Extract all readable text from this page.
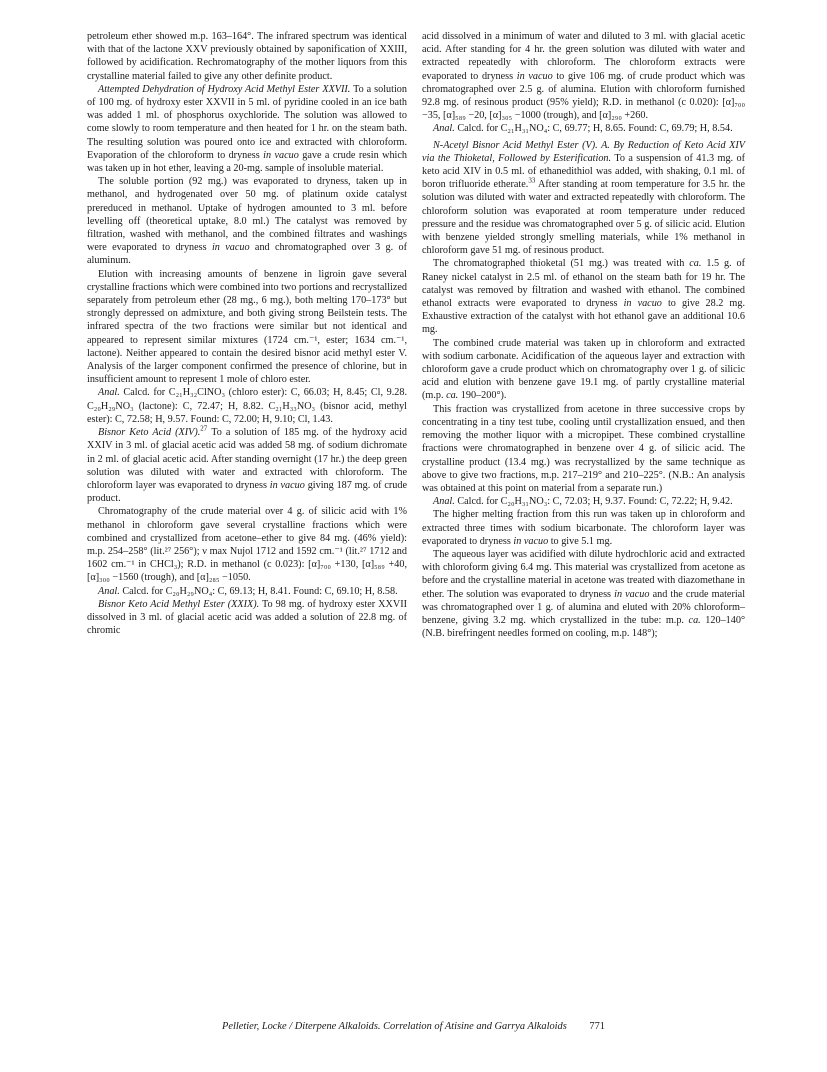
petroleum ether showed m.p. 163–164°. The infrared spectrum was identical with that of the lactone XXV previously obtained by saponification of XXIII, followed by acidification. Rechromatography of the mother liquors from this crystalline material failed to give any other definite product.

Attempted Dehydration of Hydroxy Acid Methyl Ester XXVII. To a solution of 100 mg. of hydroxy ester XXVII in 5 ml. of pyridine cooled in an ice bath was added 1 ml. of phosphorus oxychloride. The solution was allowed to come slowly to room temperature and then heated for 1 hr. on the steam bath. The resulting solution was poured onto ice and extracted with chloroform. Evaporation of the chloroform to dryness in vacuo gave a crude resin which was taken up in hot ether, leaving a 20-mg. sample of insoluble material.

The soluble portion (92 mg.) was evaporated to dryness, taken up in methanol, and hydrogenated over 50 mg. of platinum oxide catalyst prereduced in methanol. Uptake of hydrogen amounted to 3 ml. before levelling off (theoretical uptake, 8.0 ml.) The catalyst was removed by filtration, washed with methanol, and the combined filtrates and washings were evaporated to dryness in vacuo and chromatographed over 3 g. of aluminum.

Elution with increasing amounts of benzene in ligroin gave several crystalline fractions which were combined into two portions and recrystallized separately from petroleum ether (28 mg., 6 mg.), both melting 170–173° but strongly depressed on admixture, and both giving strong Beilstein tests. The infrared spectra of the two fractions were similar but not identical and appeared to represent similar mixtures (1724 cm.⁻¹, ester; 1634 cm.⁻¹, lactone). Neither appeared to contain the desired bisnor acid methyl ester V. Analysis of the larger component confirmed the presence of chlorine, but in insufficient amount to represent 1 mole of chloro ester.

Anal. Calcd. for C₂₁H₃₂ClNO₃ (chloro ester): C, 66.03; H, 8.45; Cl, 9.28. C₂₀H₂₉NO₃ (lactone): C, 72.47; H, 8.82. C₂₁H₃₃NO₃ (bisnor acid, methyl ester): C, 72.58; H, 9.57. Found: C, 72.00; H, 9.10; Cl, 1.43.

Bisnor Keto Acid (XIV).$^{27}$ To a solution of 185 mg. of the hydroxy acid XXIV in 3 ml. of glacial acetic acid was added 58 mg. of sodium dichromate in 2 ml. of glacial acetic acid. After standing overnight (17 hr.) the deep green solution was diluted with water and extracted with chloroform. The chloroform layer was evaporated to dryness in vacuo giving 187 mg. of crude product.

Chromatography of the crude material over 4 g. of silicic acid with 1% methanol in chloroform gave several crystalline fractions which were combined and crystallized from acetone–ether to give 84 mg. (46% yield): m.p. 254–258° (lit.²⁷ 256°); ν max Nujol 1712 and 1592 cm.⁻¹ (lit.²⁷ 1712 and 1602 cm.⁻¹ in CHCl₃); R.D. in methanol (c 0.023): [α]₇₀₀ +130, [α]₅₈₉ +40, [α]₃₀₀ −1560 (trough), and [α]₂₈₅ −1050.

Anal. Calcd. for C₂₀H₂₉NO₄: C, 69.13; H, 8.41. Found: C, 69.10; H, 8.58.

Bisnor Keto Acid Methyl Ester (XXIX). To 98 mg. of hydroxy ester XXVII dissolved in 3 ml. of glacial acetic acid was added a solution of 22.8 mg. of chromic

acid dissolved in a minimum of water and diluted to 3 ml. with glacial acetic acid. After standing for 4 hr. the green solution was diluted with water and extracted repeatedly with chloroform. The chloroform extracts were evaporated to dryness in vacuo to give 106 mg. of crude product which was chromatographed over 2.5 g. of alumina. Elution with chloroform furnished 92.8 mg. of resinous product (95% yield); R.D. in methanol (c 0.020): [α]₇₀₀ −35, [α]₅₈₉ −20, [α]₃₀₅ −1000 (trough), and [α]₂₉₀ +260.

Anal. Calcd. for C₂₁H₃₁NO₄: C, 69.77; H, 8.65. Found: C, 69.79; H, 8.54.

N-Acetyl Bisnor Acid Methyl Ester (V). A. By Reduction of Keto Acid XIV via the Thioketal, Followed by Esterification. To a suspension of 41.3 mg. of keto acid XIV in 0.5 ml. of ethanedithiol was added, with shaking, 0.1 ml. of boron trifluoride etherate.$^{33}$ After standing at room temperature for 3.5 hr. the solution was diluted with water and extracted repeatedly with chloroform. The chloroform solution was evaporated at room temperature under reduced pressure and the residue was chromatographed over 5 g. of silicic acid. Elution with benzene yielded strongly smelling materials, while 1% methanol in chloroform gave 51 mg. of resinous product.

The chromatographed thioketal (51 mg.) was treated with ca. 1.5 g. of Raney nickel catalyst in 2.5 ml. of ethanol on the steam bath for 19 hr. The catalyst was removed by filtration and washed with ethanol. The combined ethanol extracts were evaporated to dryness in vacuo to give 28.2 mg. Exhaustive extraction of the catalyst with hot ethanol gave an additional 10.6 mg.

The combined crude material was taken up in chloroform and extracted with sodium carbonate. Acidification of the aqueous layer and extraction with chloroform gave a crude product which on chromatography over 1 g. of silicic acid and elution with benzene gave 19.1 mg. of partly crystalline material (m.p. ca. 190–200°).

This fraction was crystallized from acetone in three successive crops by concentrating in a tiny test tube, cooling until crystallization ensued, and then removing the mother liquor with a micropipet. These combined crystalline fractions were chromatographed in benzene over 4 g. of silicic acid. The crystalline product (13.4 mg.) was recrystallized by the same technique as above to give two fractions, m.p. 217–219° and 210–225°. (N.B.: An analysis was obtained at this point on material from a separate run.)

Anal. Calcd. for C₂₀H₃₁NO₃: C, 72.03; H, 9.37. Found: C, 72.22; H, 9.42.

The higher melting fraction from this run was taken up in chloroform and extracted three times with sodium bicarbonate. The chloroform layer was evaporated to dryness in vacuo to give 5.1 mg.

The aqueous layer was acidified with dilute hydrochloric acid and extracted with chloroform giving 6.4 mg. This material was crystallized from acetone as before and the crystalline material in acetone was treated with diazomethane in ether. The solution was evaporated to dryness in vacuo and the crude material was chromatographed over 1 g. of alumina and eluted with 20% chloroform–benzene, giving 3.2 mg. which crystallized in the tube: m.p. ca. 120–140° (N.B. birefringent needles formed on cooling, m.p. 148°);

Pelletier, Locke / Diterpene Alkaloids. Correlation of Atisine and Garrya Alkaloids 771
